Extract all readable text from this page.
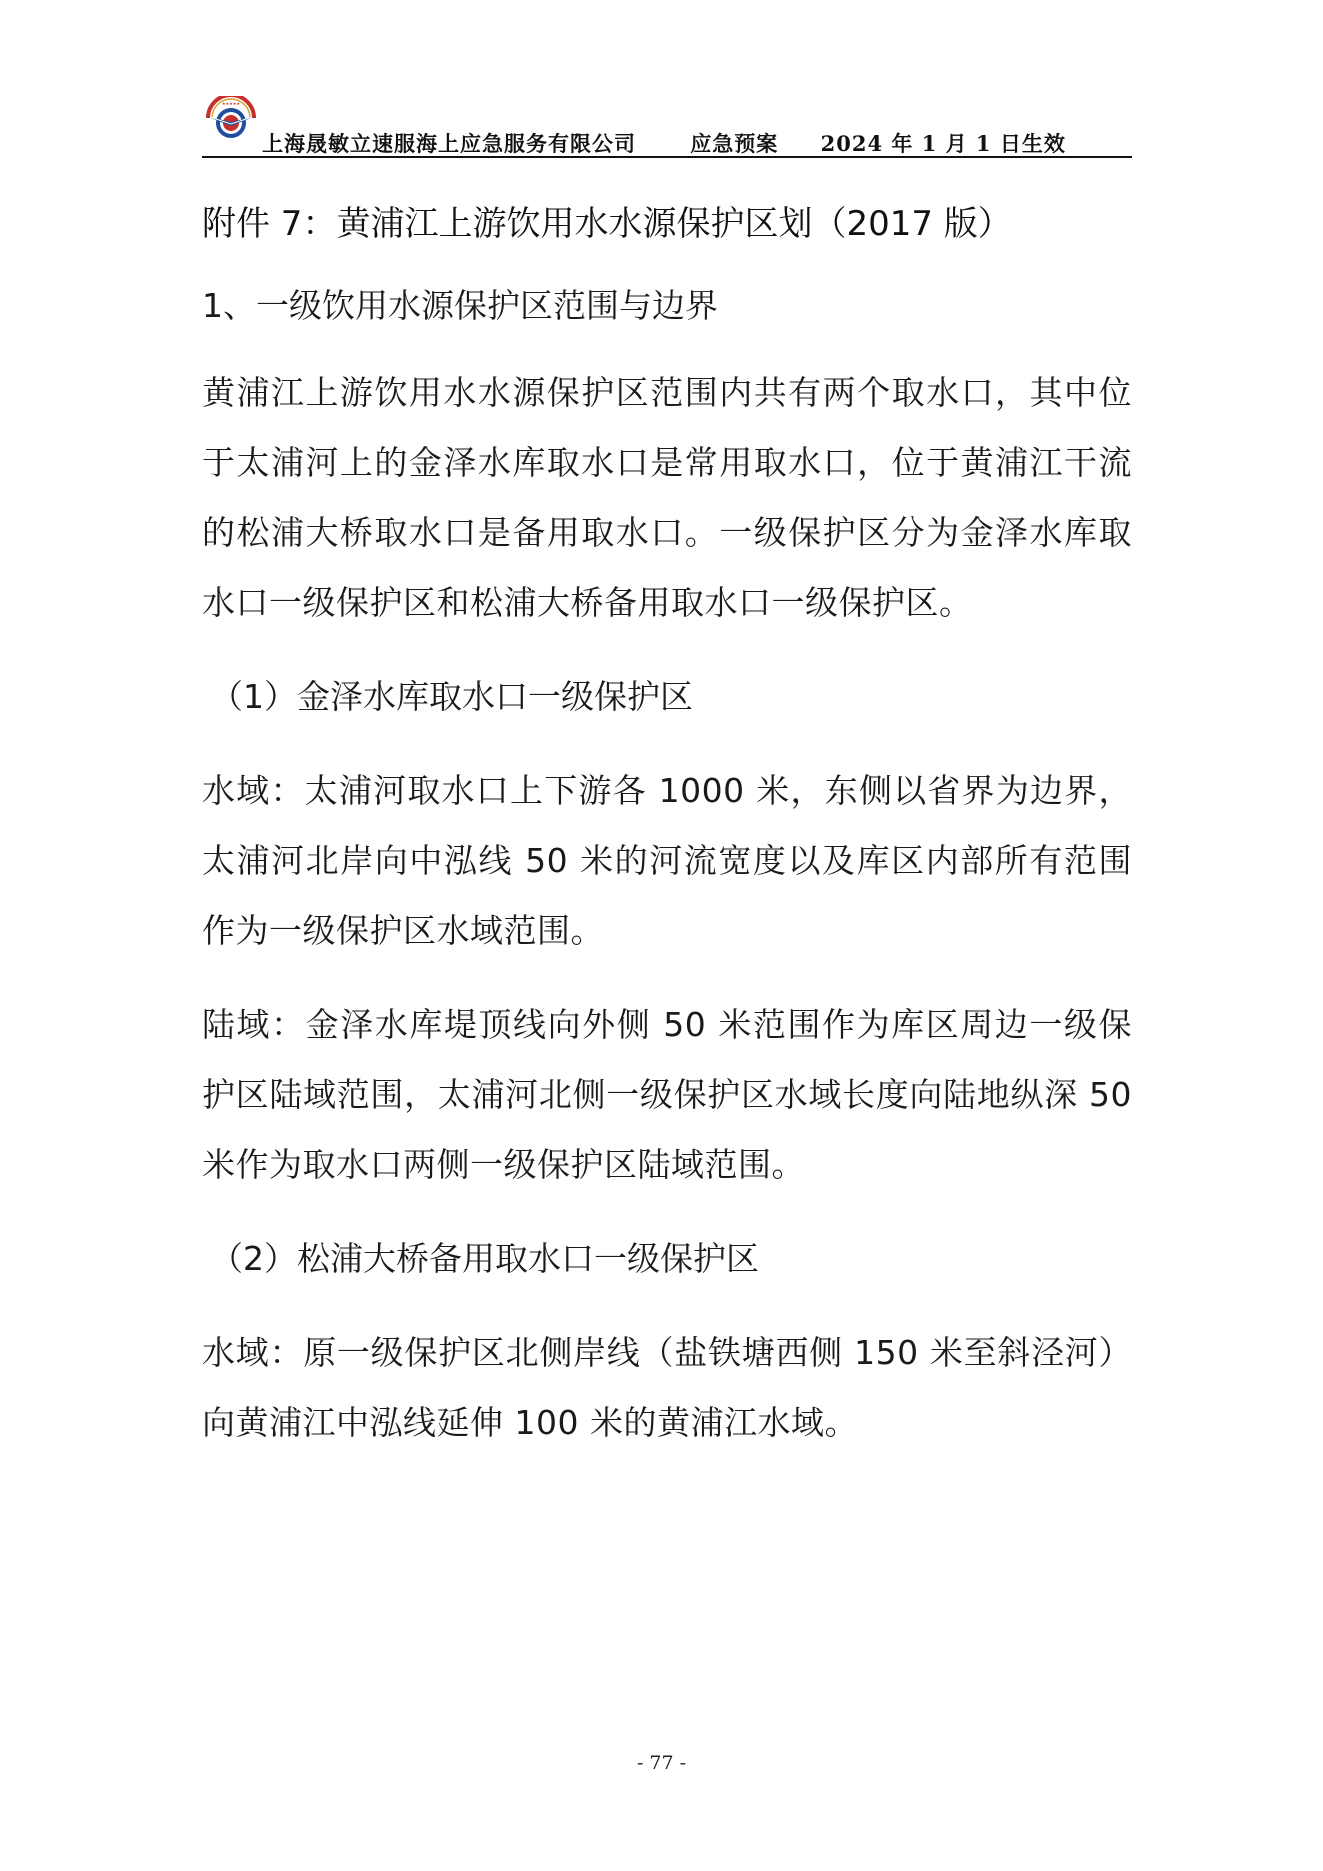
★★★★★
上海晟敏立速服海上应急服务有限公司	应急预案 2024 年 1 月 1 日生效
附件 7：黄浦江上游饮用水水源保护区划（2017 版）
1、一级饮用水源保护区范围与边界

黄浦江上游饮用水水源保护区范围内共有两个取水口，其中位于太浦河上的金泽水库取水口是常用取水口，位于黄浦江干流的松浦大桥取水口是备用取水口。一级保护区分为金泽水库取水口一级保护区和松浦大桥备用取水口一级保护区。

（1）金泽水库取水口一级保护区

水域：太浦河取水口上下游各 1000 米，东侧以省界为边界，太浦河北岸向中泓线 50 米的河流宽度以及库区内部所有范围作为一级保护区水域范围。

陆域：金泽水库堤顶线向外侧 50 米范围作为库区周边一级保护区陆域范围，太浦河北侧一级保护区水域长度向陆地纵深 50 米作为取水口两侧一级保护区陆域范围。

（2）松浦大桥备用取水口一级保护区

水域：原一级保护区北侧岸线（盐铁塘西侧 150 米至斜泾河）向黄浦江中泓线延伸 100 米的黄浦江水域。

- 77 -
